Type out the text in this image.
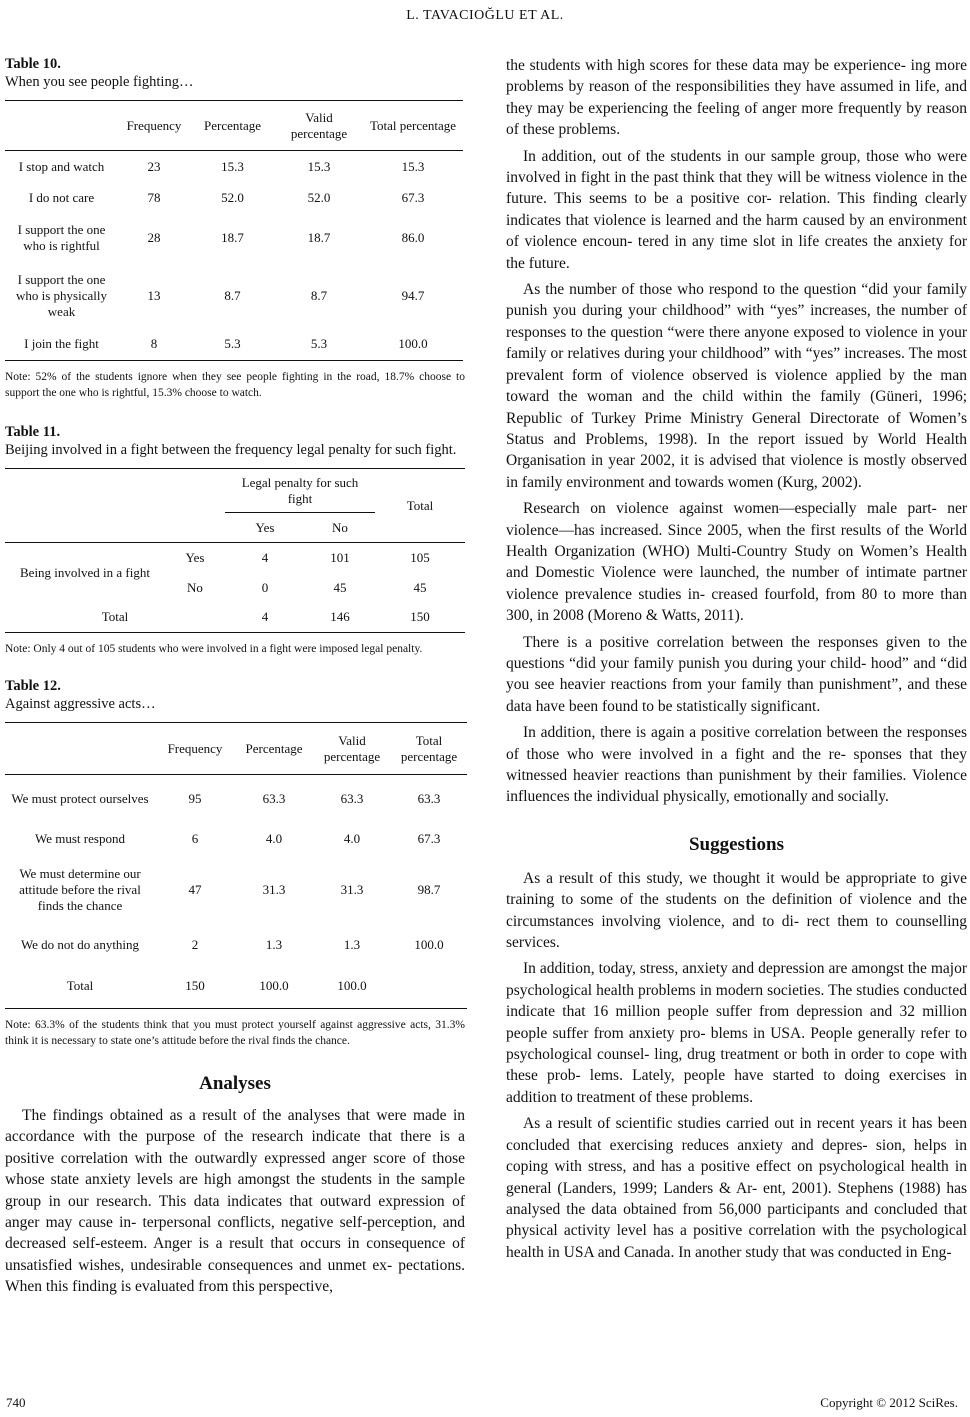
L. TAVACIOĞLU ET AL.
Table 10.
When you see people fighting…
	Frequency	Percentage	Valid percentage	Total percentage
I stop and watch	23	15.3	15.3	15.3
I do not care	78	52.0	52.0	67.3
I support the one who is rightful	28	18.7	18.7	86.0
I support the one who is physically weak	13	8.7	8.7	94.7
I join the fight	8	5.3	5.3	100.0
Note: 52% of the students ignore when they see people fighting in the road, 18.7% choose to support the one who is rightful, 15.3% choose to watch.
Table 11.
Beijing involved in a fight between the frequency legal penalty for such fight.
		Legal penalty for such fight		Total
		Yes	No	
Being involved in a fight	Yes	4	101	105
	No	0	45	45
Total		4	146	150
Note: Only 4 out of 105 students who were involved in a fight were imposed legal penalty.
Table 12.
Against aggressive acts…
	Frequency	Percentage	Valid percentage	Total percentage
We must protect ourselves	95	63.3	63.3	63.3
We must respond	6	4.0	4.0	67.3
We must determine our attitude before the rival finds the chance	47	31.3	31.3	98.7
We do not do anything	2	1.3	1.3	100.0
Total	150	100.0	100.0	
Note: 63.3% of the students think that you must protect yourself against aggressive acts, 31.3% think it is necessary to state one’s attitude before the rival finds the chance.
Analyses

The findings obtained as a result of the analyses that were made in accordance with the purpose of the research indicate that there is a positive correlation with the outwardly expressed anger score of those whose state anxiety levels are high amongst the students in the sample group in our research. This data indicates that outward expression of anger may cause in- terpersonal conflicts, negative self-perception, and decreased self-esteem. Anger is a result that occurs in consequence of unsatisfied wishes, undesirable consequences and unmet ex- pectations. When this finding is evaluated from this perspective,

the students with high scores for these data may be experience- ing more problems by reason of the responsibilities they have assumed in life, and they may be experiencing the feeling of anger more frequently by reason of these problems.

In addition, out of the students in our sample group, those who were involved in fight in the past think that they will be witness violence in the future. This seems to be a positive cor- relation. This finding clearly indicates that violence is learned and the harm caused by an environment of violence encoun- tered in any time slot in life creates the anxiety for the future.

As the number of those who respond to the question “did your family punish you during your childhood” with “yes” increases, the number of responses to the question “were there anyone exposed to violence in your family or relatives during your childhood” with “yes” increases. The most prevalent form of violence observed is violence applied by the man toward the woman and the child within the family (Güneri, 1996; Republic of Turkey Prime Ministry General Directorate of Women’s Status and Problems, 1998). In the report issued by World Health Organisation in year 2002, it is advised that violence is mostly observed in family environment and towards women (Kurg, 2002).

Research on violence against women—especially male part- ner violence—has increased. Since 2005, when the first results of the World Health Organization (WHO) Multi-Country Study on Women’s Health and Domestic Violence were launched, the number of intimate partner violence prevalence studies in- creased fourfold, from 80 to more than 300, in 2008 (Moreno & Watts, 2011).

There is a positive correlation between the responses given to the questions “did your family punish you during your child- hood” and “did you see heavier reactions from your family than punishment”, and these data have been found to be statistically significant.

In addition, there is again a positive correlation between the responses of those who were involved in a fight and the re- sponses that they witnessed heavier reactions than punishment by their families. Violence influences the individual physically, emotionally and socially.

Suggestions

As a result of this study, we thought it would be appropriate to give training to some of the students on the definition of violence and the circumstances involving violence, and to di- rect them to counselling services.

In addition, today, stress, anxiety and depression are amongst the major psychological health problems in modern societies. The studies conducted indicate that 16 million people suffer from depression and 32 million people suffer from anxiety pro- blems in USA. People generally refer to psychological counsel- ling, drug treatment or both in order to cope with these prob- lems. Lately, people have started to doing exercises in addition to treatment of these problems.

As a result of scientific studies carried out in recent years it has been concluded that exercising reduces anxiety and depres- sion, helps in coping with stress, and has a positive effect on psychological health in general (Landers, 1999; Landers & Ar- ent, 2001). Stephens (1988) has analysed the data obtained from 56,000 participants and concluded that physical activity level has a positive correlation with the psychological health in USA and Canada. In another study that was conducted in Eng-

740	Copyright © 2012 SciRes.
